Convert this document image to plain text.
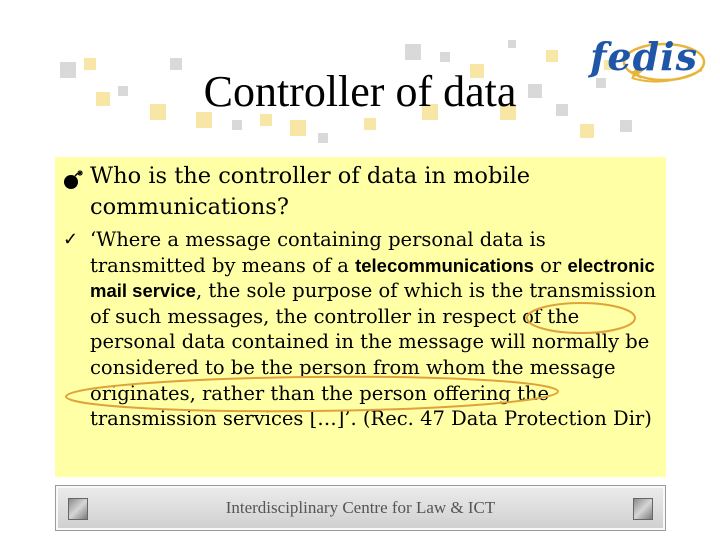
fedis
Controller of data
Who is the controller of data in mobile communications?
✓ ‘Where a message containing personal data is transmitted by means of a telecommunications or electronic mail service, the sole purpose of which is the transmission of such messages, the controller in respect of the personal data contained in the message will normally be considered to be the person from whom the message originates, rather than the person offering the transmission services […]’. (Rec. 47 Data Protection Dir)
Interdisciplinary Centre for Law & ICT
